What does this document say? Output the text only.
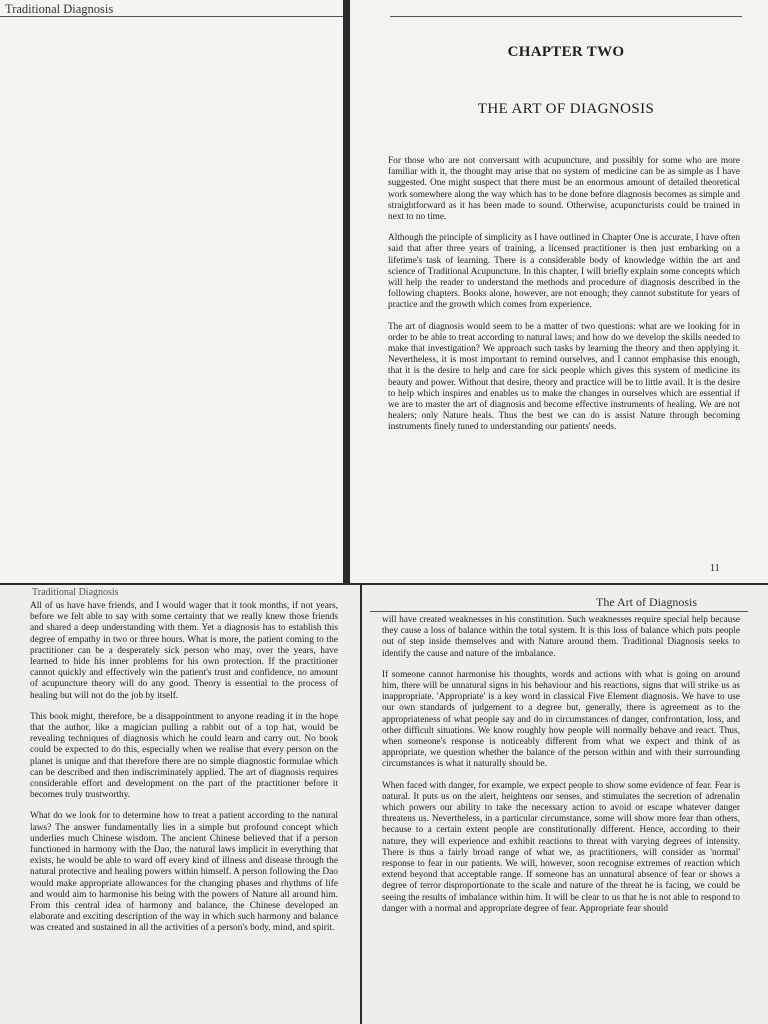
Traditional Diagnosis
CHAPTER TWO
THE ART OF DIAGNOSIS

For those who are not conversant with acupuncture, and possibly for some who are more familiar with it, the thought may arise that no system of medicine can be as simple as I have suggested. One might suspect that there must be an enormous amount of detailed theoretical work somewhere along the way which has to be done before diagnosis becomes as simple and straightforward as it has been made to sound. Otherwise, acupuncturists could be trained in next to no time.

Although the principle of simplicity as I have outlined in Chapter One is accurate, I have often said that after three years of training, a licensed practitioner is then just embarking on a lifetime's task of learning. There is a considerable body of knowledge within the art and science of Traditional Acupuncture. In this chapter, I will briefly explain some concepts which will help the reader to understand the methods and procedure of diagnosis described in the following chapters. Books alone, however, are not enough; they cannot substitute for years of practice and the growth which comes from experience.

The art of diagnosis would seem to be a matter of two questions: what are we looking for in order to be able to treat according to natural laws; and how do we develop the skills needed to make that investigation? We approach such tasks by learning the theory and then applying it. Nevertheless, it is most important to remind ourselves, and I cannot emphasise this enough, that it is the desire to help and care for sick people which gives this system of medicine its beauty and power. Without that desire, theory and practice will be to little avail. It is the desire to help which inspires and enables us to make the changes in ourselves which are essential if we are to master the art of diagnosis and become effective instruments of healing. We are not healers; only Nature heals. Thus the best we can do is assist Nature through becoming instruments finely tuned to understanding our patients' needs.

11
Traditional Diagnosis

All of us have have friends, and I would wager that it took months, if not years, before we felt able to say with some certainty that we really knew those friends and shared a deep understanding with them. Yet a diagnosis has to establish this degree of empathy in two or three hours. What is more, the patient coming to the practitioner can be a desperately sick person who may, over the years, have learned to hide his inner problems for his own protection. If the practitioner cannot quickly and effectively win the patient's trust and confidence, no amount of acupuncture theory will do any good. Theory is essential to the process of healing but will not do the job by itself.

This book might, therefore, be a disappointment to anyone reading it in the hope that the author, like a magician pulling a rabbit out of a top hat, would be revealing techniques of diagnosis which he could learn and carry out. No book could be expected to do this, especially when we realise that every person on the planet is unique and that therefore there are no simple diagnostic formulae which can be described and then indiscriminately applied. The art of diagnosis requires considerable effort and development on the part of the practitioner before it becomes truly trustworthy.

What do we look for to determine how to treat a patient according to the natural laws? The answer fundamentally lies in a simple but profound concept which underlies much Chinese wisdom. The ancient Chinese believed that if a person functioned in harmony with the Dao, the natural laws implicit in everything that exists, he would be able to ward off every kind of illness and disease through the natural protective and healing powers within himself. A person following the Dao would make appropriate allowances for the changing phases and rhythms of life and would aim to harmonise his being with the powers of Nature all around him. From this central idea of harmony and balance, the Chinese developed an elaborate and exciting description of the way in which such harmony and balance was created and sustained in all the activities of a person's body, mind, and spirit.

The Art of Diagnosis

will have created weaknesses in his constitution. Such weaknesses require special help because they cause a loss of balance within the total system. It is this loss of balance which puts people out of step inside themselves and with Nature around them. Traditional Diagnosis seeks to identify the cause and nature of the imbalance.

If someone cannot harmonise his thoughts, words and actions with what is going on around him, there will be unnatural signs in his behaviour and his reactions, signs that will strike us as inappropriate. 'Appropriate' is a key word in classical Five Element diagnosis. We have to use our own standards of judgement to a degree but, generally, there is agreement as to the appropriateness of what people say and do in circumstances of danger, confrontation, loss, and other difficult situations. We know roughly how people will normally behave and react. Thus, when someone's response is noticeably different from what we expect and think of as appropriate, we question whether the balance of the person within and with their surrounding circumstances is what it naturally should be.

When faced with danger, for example, we expect people to show some evidence of fear. Fear is natural. It puts us on the alert, heightens our senses, and stimulates the secretion of adrenalin which powers our ability to take the necessary action to avoid or escape whatever danger threatens us. Nevertheless, in a particular circumstance, some will show more fear than others, because to a certain extent people are constitutionally different. Hence, according to their nature, they will experience and exhibit reactions to threat with varying degrees of intensity. There is thus a fairly broad range of what we, as practitioners, will consider as 'normal' response to fear in our patients. We will, however, soon recognise extremes of reaction which extend beyond that acceptable range. If someone has an unnatural absence of fear or shows a degree of terror disproportionate to the scale and nature of the threat he is facing, we could be seeing the results of imbalance within him. It will be clear to us that he is not able to respond to danger with a normal and appropriate degree of fear. Appropriate fear should
